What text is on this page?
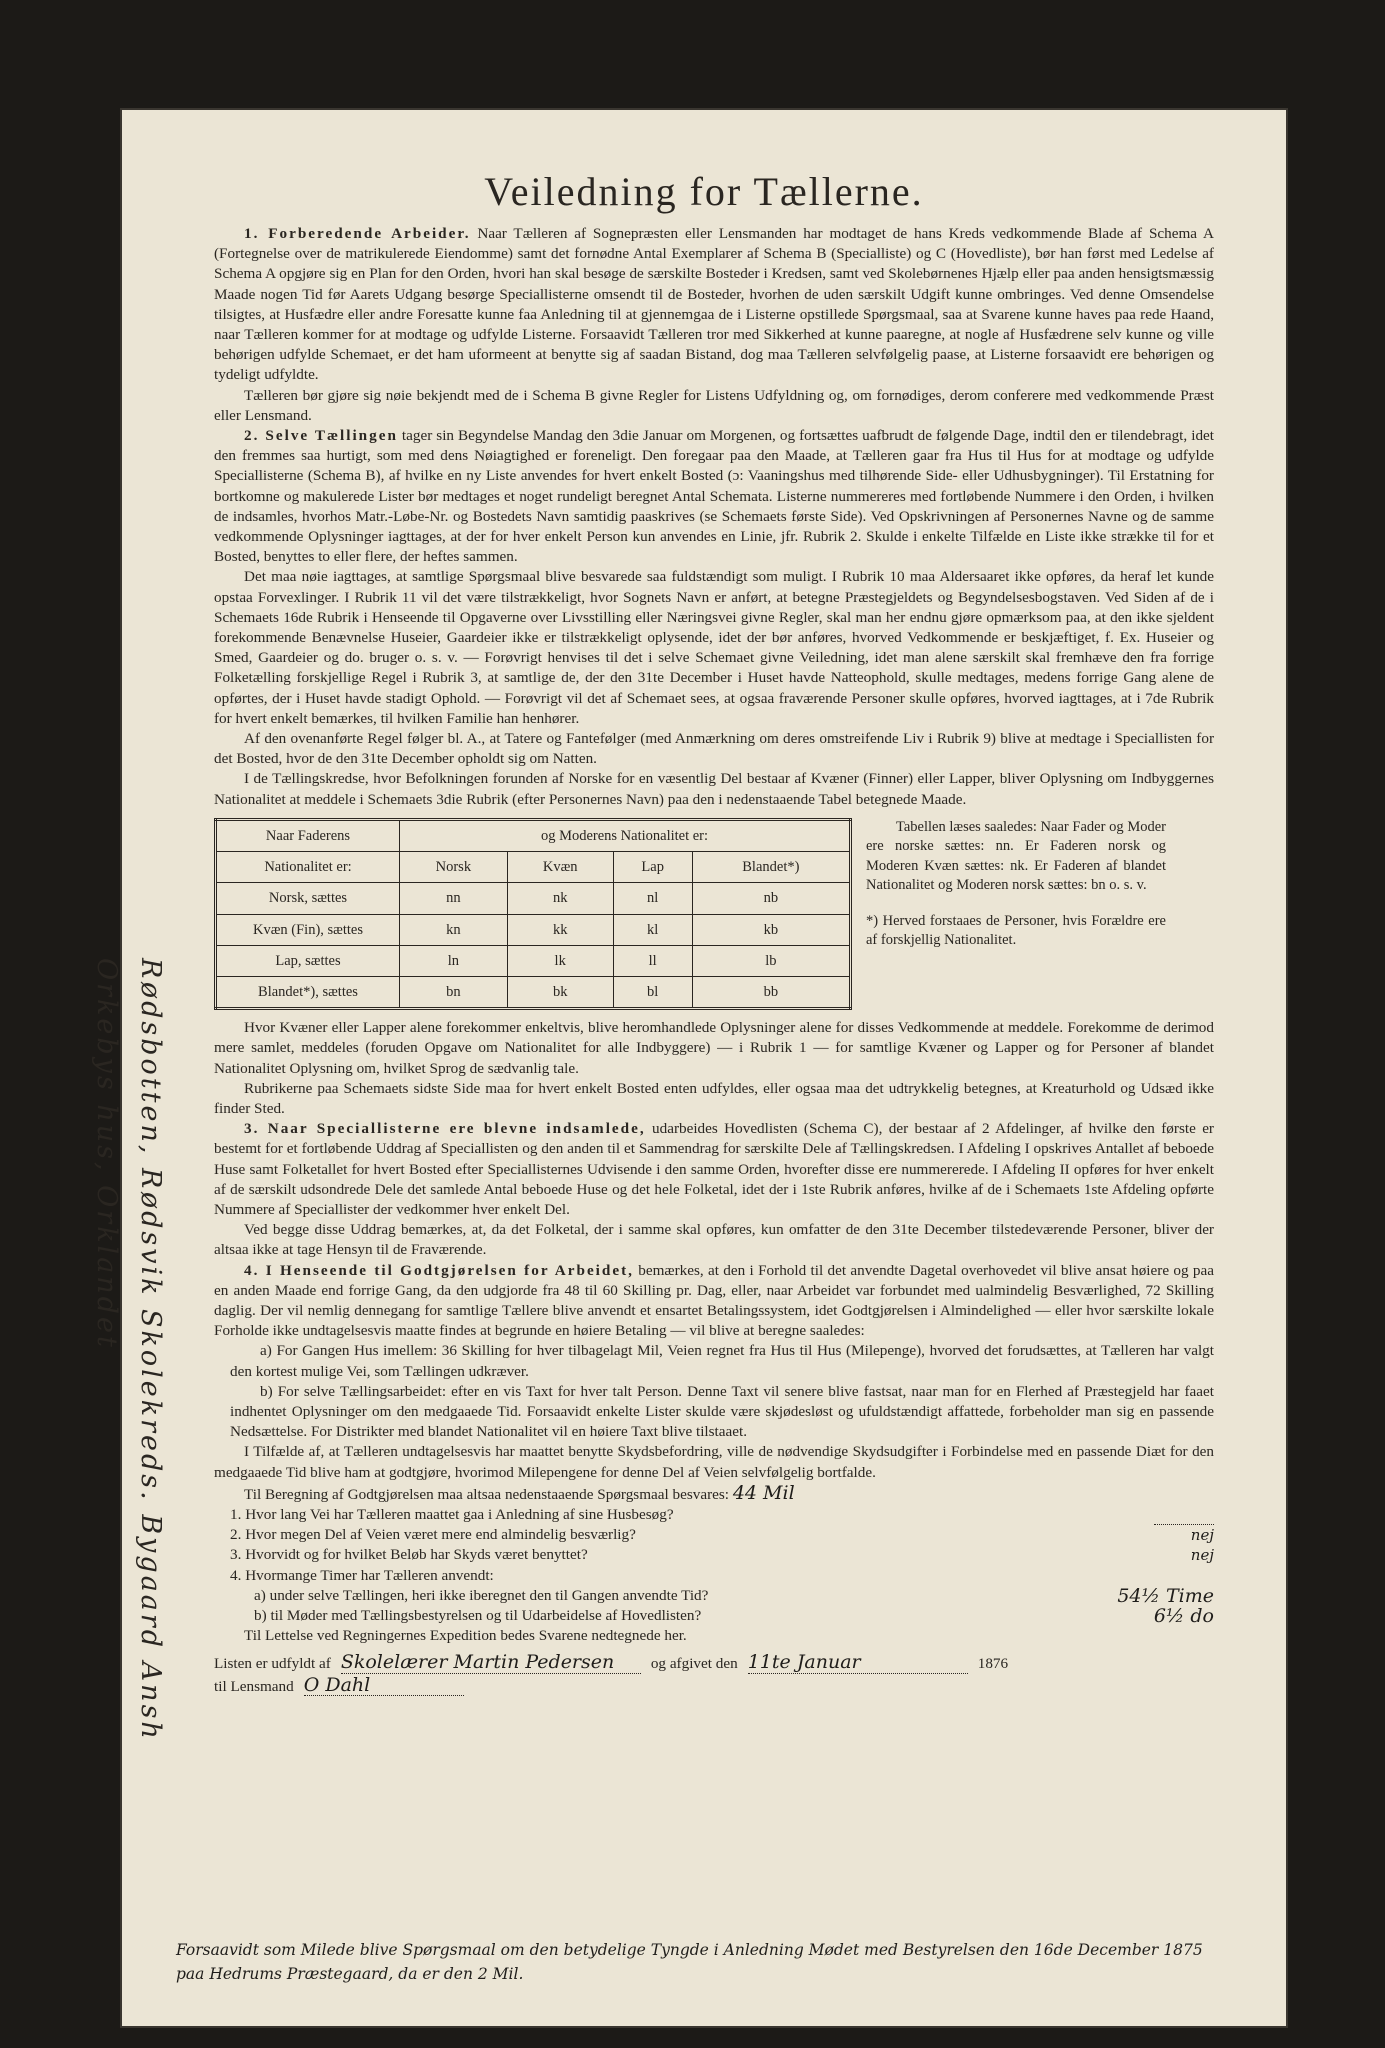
Veiledning for Tællerne.

1. Forberedende Arbeider. Naar Tælleren af Sognepræsten eller Lensmanden har modtaget de hans Kreds vedkommende Blade af Schema A (Fortegnelse over de matrikulerede Eiendomme) samt det fornødne Antal Exemplarer af Schema B (Specialliste) og C (Hovedliste), bør han først med Ledelse af Schema A opgjøre sig en Plan for den Orden, hvori han skal besøge de særskilte Bosteder i Kredsen, samt ved Skolebørnenes Hjælp eller paa anden hensigtsmæssig Maade nogen Tid før Aarets Udgang besørge Speciallisterne omsendt til de Bosteder, hvorhen de uden særskilt Udgift kunne ombringes. Ved denne Omsendelse tilsigtes, at Husfædre eller andre Foresatte kunne faa Anledning til at gjennemgaa de i Listerne opstillede Spørgsmaal, saa at Svarene kunne haves paa rede Haand, naar Tælleren kommer for at modtage og udfylde Listerne. Forsaavidt Tælleren tror med Sikkerhed at kunne paaregne, at nogle af Husfædrene selv kunne og ville behørigen udfylde Schemaet, er det ham uformeent at benytte sig af saadan Bistand, dog maa Tælleren selvfølgelig paase, at Listerne forsaavidt ere behørigen og tydeligt udfyldte.

Tælleren bør gjøre sig nøie bekjendt med de i Schema B givne Regler for Listens Udfyldning og, om fornødiges, derom conferere med vedkommende Præst eller Lensmand.

2. Selve Tællingen tager sin Begyndelse Mandag den 3die Januar om Morgenen, og fortsættes uafbrudt de følgende Dage, indtil den er tilendebragt, idet den fremmes saa hurtigt, som med dens Nøiagtighed er foreneligt. Den foregaar paa den Maade, at Tælleren gaar fra Hus til Hus for at modtage og udfylde Speciallisterne (Schema B), af hvilke en ny Liste anvendes for hvert enkelt Bosted (ɔ: Vaaningshus med tilhørende Side- eller Udhusbygninger). Til Erstatning for bortkomne og makulerede Lister bør medtages et noget rundeligt beregnet Antal Schemata. Listerne nummereres med fortløbende Nummere i den Orden, i hvilken de indsamles, hvorhos Matr.-Løbe-Nr. og Bostedets Navn samtidig paaskrives (se Schemaets første Side). Ved Opskrivningen af Personernes Navne og de samme vedkommende Oplysninger iagttages, at der for hver enkelt Person kun anvendes en Linie, jfr. Rubrik 2. Skulde i enkelte Tilfælde en Liste ikke strække til for et Bosted, benyttes to eller flere, der heftes sammen.

Det maa nøie iagttages, at samtlige Spørgsmaal blive besvarede saa fuldstændigt som muligt. I Rubrik 10 maa Aldersaaret ikke opføres, da heraf let kunde opstaa Forvexlinger. I Rubrik 11 vil det være tilstrækkeligt, hvor Sognets Navn er anført, at betegne Præstegjeldets og Begyndelsesbogstaven. Ved Siden af de i Schemaets 16de Rubrik i Henseende til Opgaverne over Livsstilling eller Næringsvei givne Regler, skal man her endnu gjøre opmærksom paa, at den ikke sjeldent forekommende Benævnelse Huseier, Gaardeier ikke er tilstrækkeligt oplysende, idet der bør anføres, hvorved Vedkommende er beskjæftiget, f. Ex. Huseier og Smed, Gaardeier og do. bruger o. s. v. — Forøvrigt henvises til det i selve Schemaet givne Veiledning, idet man alene særskilt skal fremhæve den fra forrige Folketælling forskjellige Regel i Rubrik 3, at samtlige de, der den 31te December i Huset havde Natteophold, skulle medtages, medens forrige Gang alene de opførtes, der i Huset havde stadigt Ophold. — Forøvrigt vil det af Schemaet sees, at ogsaa fraværende Personer skulle opføres, hvorved iagttages, at i 7de Rubrik for hvert enkelt bemærkes, til hvilken Familie han henhører.

Af den ovenanførte Regel følger bl. A., at Tatere og Fantefølger (med Anmærkning om deres omstreifende Liv i Rubrik 9) blive at medtage i Speciallisten for det Bosted, hvor de den 31te December opholdt sig om Natten.

I de Tællingskredse, hvor Befolkningen forunden af Norske for en væsentlig Del bestaar af Kvæner (Finner) eller Lapper, bliver Oplysning om Indbyggernes Nationalitet at meddele i Schemaets 3die Rubrik (efter Personernes Navn) paa den i nedenstaaende Tabel betegnede Maade.

Naar Faderens	og Moderens Nationalitet er:			
Nationalitet er:	Norsk	Kvæn	Lap	Blandet*)
Norsk, sættes	nn	nk	nl	nb
Kvæn (Fin), sættes	kn	kk	kl	kb
Lap, sættes	ln	lk	ll	lb
Blandet*), sættes	bn	bk	bl	bb

Tabellen læses saaledes: Naar Fader og Moder ere norske sættes: nn. Er Faderen norsk og Moderen Kvæn sættes: nk. Er Faderen af blandet Nationalitet og Moderen norsk sættes: bn o. s. v.

*) Herved forstaaes de Personer, hvis Forældre ere af forskjellig Nationalitet.

Hvor Kvæner eller Lapper alene forekommer enkeltvis, blive heromhandlede Oplysninger alene for disses Vedkommende at meddele. Forekomme de derimod mere samlet, meddeles (foruden Opgave om Nationalitet for alle Indbyggere) — i Rubrik 1 — for samtlige Kvæner og Lapper og for Personer af blandet Nationalitet Oplysning om, hvilket Sprog de sædvanlig tale.

Rubrikerne paa Schemaets sidste Side maa for hvert enkelt Bosted enten udfyldes, eller ogsaa maa det udtrykkelig betegnes, at Kreaturhold og Udsæd ikke finder Sted.

3. Naar Speciallisterne ere blevne indsamlede, udarbeides Hovedlisten (Schema C), der bestaar af 2 Afdelinger, af hvilke den første er bestemt for et fortløbende Uddrag af Speciallisten og den anden til et Sammendrag for særskilte Dele af Tællingskredsen. I Afdeling I opskrives Antallet af beboede Huse samt Folketallet for hvert Bosted efter Speciallisternes Udvisende i den samme Orden, hvorefter disse ere nummererede. I Afdeling II opføres for hver enkelt af de særskilt udsondrede Dele det samlede Antal beboede Huse og det hele Folketal, idet der i 1ste Rubrik anføres, hvilke af de i Schemaets 1ste Afdeling opførte Nummere af Speciallister der vedkommer hver enkelt Del.

Ved begge disse Uddrag bemærkes, at, da det Folketal, der i samme skal opføres, kun omfatter de den 31te December tilstedeværende Personer, bliver der altsaa ikke at tage Hensyn til de Fraværende.

4. I Henseende til Godtgjørelsen for Arbeidet, bemærkes, at den i Forhold til det anvendte Dagetal overhovedet vil blive ansat høiere og paa en anden Maade end forrige Gang, da den udgjorde fra 48 til 60 Skilling pr. Dag, eller, naar Arbeidet var forbundet med ualmindelig Besværlighed, 72 Skilling daglig. Der vil nemlig dennegang for samtlige Tællere blive anvendt et ensartet Betalingssystem, idet Godtgjørelsen i Almindelighed — eller hvor særskilte lokale Forholde ikke undtagelsesvis maatte findes at begrunde en høiere Betaling — vil blive at beregne saaledes:

a) For Gangen Hus imellem: 36 Skilling for hver tilbagelagt Mil, Veien regnet fra Hus til Hus (Milepenge), hvorved det forudsættes, at Tælleren har valgt den kortest mulige Vei, som Tællingen udkræver.

b) For selve Tællingsarbeidet: efter en vis Taxt for hver talt Person. Denne Taxt vil senere blive fastsat, naar man for en Flerhed af Præstegjeld har faaet indhentet Oplysninger om den medgaaede Tid. Forsaavidt enkelte Lister skulde være skjødesløst og ufuldstændigt affattede, forbeholder man sig en passende Nedsættelse. For Distrikter med blandet Nationalitet vil en høiere Taxt blive tilstaaet.

I Tilfælde af, at Tælleren undtagelsesvis har maattet benytte Skydsbefordring, ville de nødvendige Skydsudgifter i Forbindelse med en passende Diæt for den medgaaede Tid blive ham at godtgjøre, hvorimod Milepengene for denne Del af Veien selvfølgelig bortfalde.

Til Beregning af Godtgjørelsen maa altsaa nedenstaaende Spørgsmaal besvares: 44 Mil

1. Hvor lang Vei har Tælleren maattet gaa i Anledning af sine Husbesøg?
2. Hvor megen Del af Veien været mere end almindelig besværlig?	nej
3. Hvorvidt og for hvilket Beløb har Skyds været benyttet?	nej
4. Hvormange Timer har Tælleren anvendt:
a) under selve Tællingen, heri ikke iberegnet den til Gangen anvendte Tid?	54½ Time
b) til Møder med Tællingsbestyrelsen og til Udarbeidelse af Hovedlisten?	6½ do

Til Lettelse ved Regningernes Expedition bedes Svarene nedtegnede her.

Listen er udfyldt af Skolelærer Martin Pedersen	og afgivet den 11te Januar	1876
til Lensmand O Dahl
Rødsbotten, Rødsvik Skolekreds. Bygaard Ansh Orkebys hus, Orklandet
Forsaavidt som Milede blive Spørgsmaal om den betydelige Tyngde i Anledning Mødet med Bestyrelsen den 16de December 1875 paa Hedrums Præstegaard, da er den 2 Mil.
